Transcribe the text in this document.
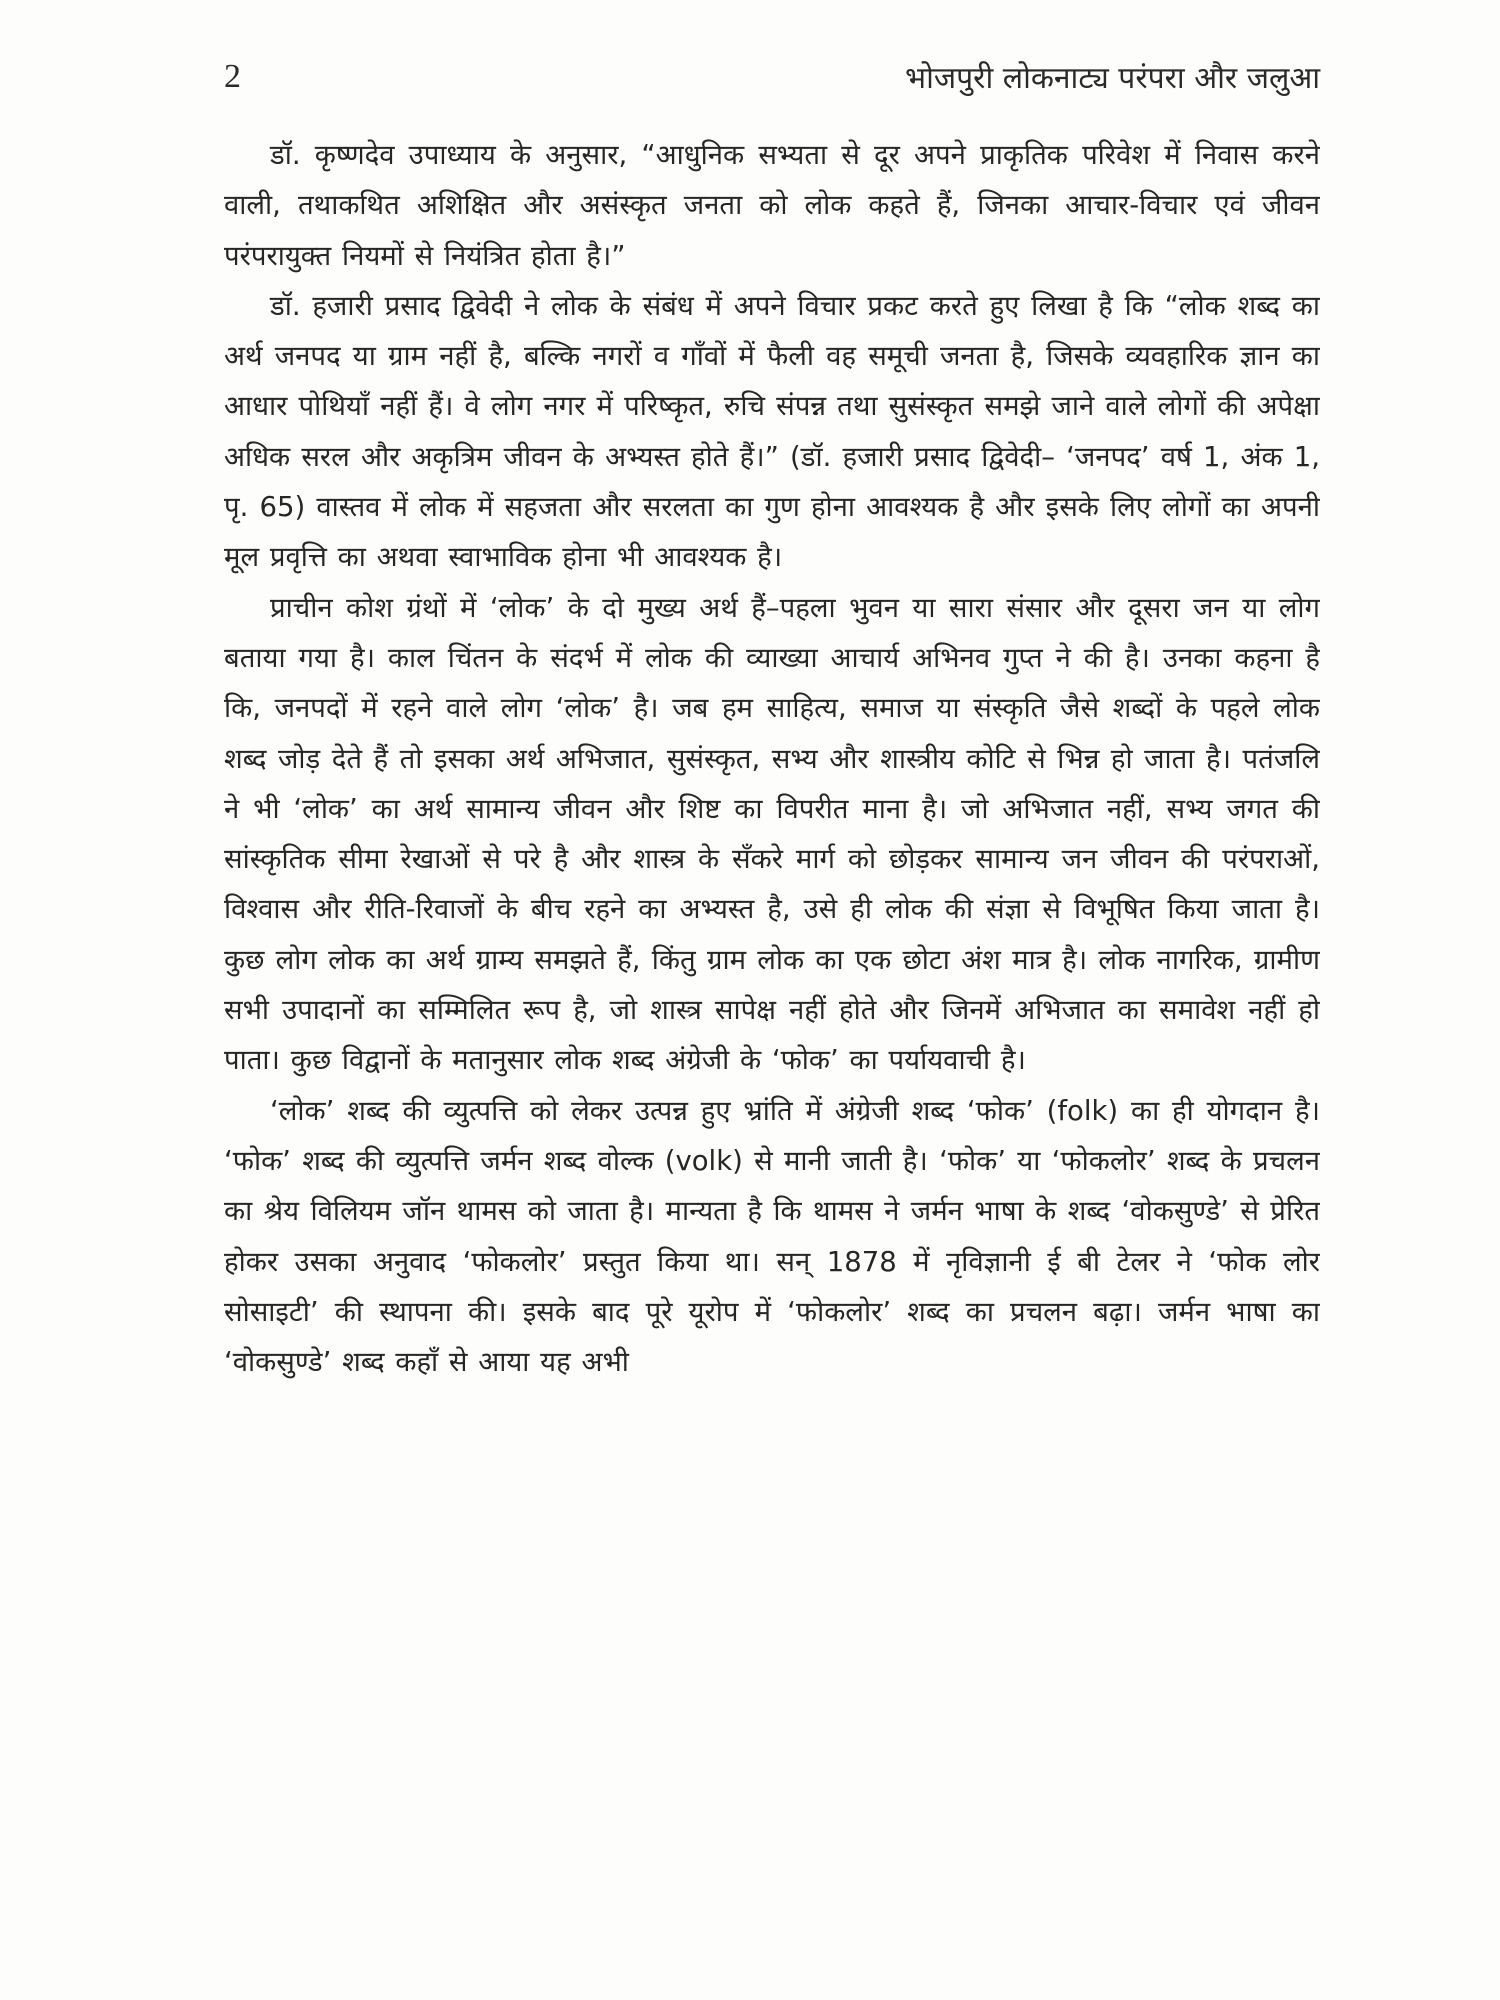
2	भोजपुरी लोकनाट्य परंपरा और जलुआ

डॉ. कृष्णदेव उपाध्याय के अनुसार, “आधुनिक सभ्यता से दूर अपने प्राकृतिक परिवेश में निवास करने वाली, तथाकथित अशिक्षित और असंस्कृत जनता को लोक कहते हैं, जिनका आचार-विचार एवं जीवन परंपरायुक्त नियमों से नियंत्रित होता है।”

डॉ. हजारी प्रसाद द्विवेदी ने लोक के संबंध में अपने विचार प्रकट करते हुए लिखा है कि “लोक शब्द का अर्थ जनपद या ग्राम नहीं है, बल्कि नगरों व गाँवों में फैली वह समूची जनता है, जिसके व्यवहारिक ज्ञान का आधार पोथियाँ नहीं हैं। वे लोग नगर में परिष्कृत, रुचि संपन्न तथा सुसंस्कृत समझे जाने वाले लोगों की अपेक्षा अधिक सरल और अकृत्रिम जीवन के अभ्यस्त होते हैं।” (डॉ. हजारी प्रसाद द्विवेदी– ‘जनपद’ वर्ष 1, अंक 1, पृ. 65) वास्तव में लोक में सहजता और सरलता का गुण होना आवश्यक है और इसके लिए लोगों का अपनी मूल प्रवृत्ति का अथवा स्वाभाविक होना भी आवश्यक है।

प्राचीन कोश ग्रंथों में ‘लोक’ के दो मुख्य अर्थ हैं–पहला भुवन या सारा संसार और दूसरा जन या लोग बताया गया है। काल चिंतन के संदर्भ में लोक की व्याख्या आचार्य अभिनव गुप्त ने की है। उनका कहना है कि, जनपदों में रहने वाले लोग ‘लोक’ है। जब हम साहित्य, समाज या संस्कृति जैसे शब्दों के पहले लोक शब्द जोड़ देते हैं तो इसका अर्थ अभिजात, सुसंस्कृत, सभ्य और शास्त्रीय कोटि से भिन्न हो जाता है। पतंजलि ने भी ‘लोक’ का अर्थ सामान्य जीवन और शिष्ट का विपरीत माना है। जो अभिजात नहीं, सभ्य जगत की सांस्कृतिक सीमा रेखाओं से परे है और शास्त्र के सँकरे मार्ग को छोड़कर सामान्य जन जीवन की परंपराओं, विश्वास और रीति-रिवाजों के बीच रहने का अभ्यस्त है, उसे ही लोक की संज्ञा से विभूषित किया जाता है। कुछ लोग लोक का अर्थ ग्राम्य समझते हैं, किंतु ग्राम लोक का एक छोटा अंश मात्र है। लोक नागरिक, ग्रामीण सभी उपादानों का सम्मिलित रूप है, जो शास्त्र सापेक्ष नहीं होते और जिनमें अभिजात का समावेश नहीं हो पाता। कुछ विद्वानों के मतानुसार लोक शब्द अंग्रेजी के ‘फोक’ का पर्यायवाची है।

‘लोक’ शब्द की व्युत्पत्ति को लेकर उत्पन्न हुए भ्रांति में अंग्रेजी शब्द ‘फोक’ (folk) का ही योगदान है। ‘फोक’ शब्द की व्युत्पत्ति जर्मन शब्द वोल्क (volk) से मानी जाती है। ‘फोक’ या ‘फोकलोर’ शब्द के प्रचलन का श्रेय विलियम जॉन थामस को जाता है। मान्यता है कि थामस ने जर्मन भाषा के शब्द ‘वोकसुण्डे’ से प्रेरित होकर उसका अनुवाद ‘फोकलोर’ प्रस्तुत किया था। सन् 1878 में नृविज्ञानी ई बी टेलर ने ‘फोक लोर सोसाइटी’ की स्थापना की। इसके बाद पूरे यूरोप में ‘फोकलोर’ शब्द का प्रचलन बढ़ा। जर्मन भाषा का ‘वोकसुण्डे’ शब्द कहाँ से आया यह अभी
